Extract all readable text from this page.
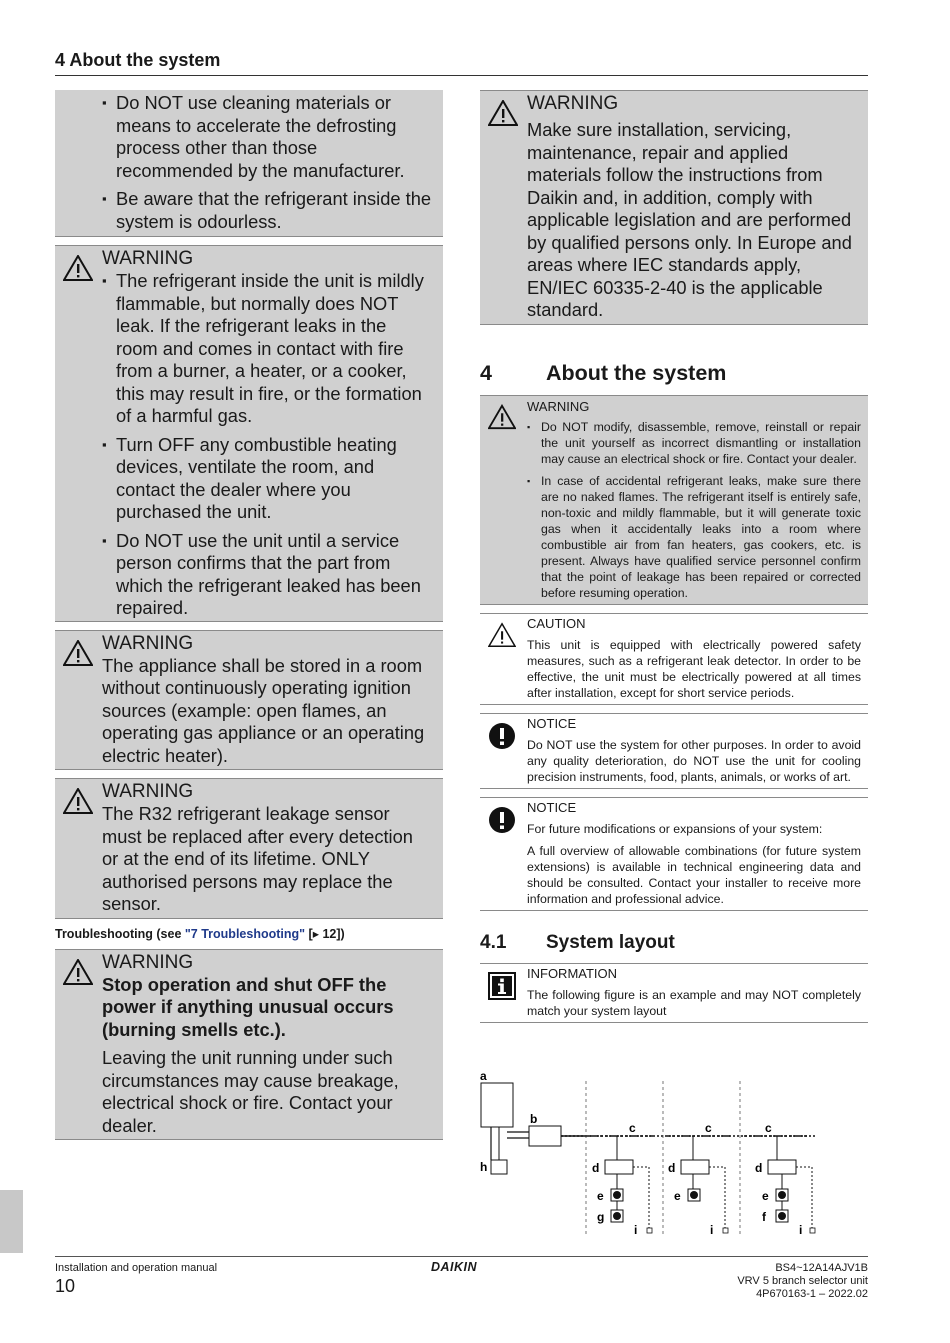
4 About the system
▪ Do NOT use cleaning materials or means to accelerate the defrosting process other than those recommended by the manufacturer.
▪ Be aware that the refrigerant inside the system is odourless.
WARNING
▪ The refrigerant inside the unit is mildly flammable, but normally does NOT leak. If the refrigerant leaks in the room and comes in contact with fire from a burner, a heater, or a cooker, this may result in fire, or the formation of a harmful gas.
▪ Turn OFF any combustible heating devices, ventilate the room, and contact the dealer where you purchased the unit.
▪ Do NOT use the unit until a service person confirms that the part from which the refrigerant leaked has been repaired.
WARNING

The appliance shall be stored in a room without continuously operating ignition sources (example: open flames, an operating gas appliance or an operating electric heater).

WARNING

The R32 refrigerant leakage sensor must be replaced after every detection or at the end of its lifetime. ONLY authorised persons may replace the sensor.

Troubleshooting (see "7 Troubleshooting" [▸ 12])
WARNING

Stop operation and shut OFF the power if anything unusual occurs (burning smells etc.).

Leaving the unit running under such circumstances may cause breakage, electrical shock or fire. Contact your dealer.

WARNING

Make sure installation, servicing, maintenance, repair and applied materials follow the instructions from Daikin and, in addition, comply with applicable legislation and are performed by qualified persons only. In Europe and areas where IEC standards apply, EN/IEC 60335-2-40 is the applicable standard.

4	About the system
WARNING
▪ Do NOT modify, disassemble, remove, reinstall or repair the unit yourself as incorrect dismantling or installation may cause an electrical shock or fire. Contact your dealer.
▪ In case of accidental refrigerant leaks, make sure there are no naked flames. The refrigerant itself is entirely safe, non-toxic and mildly flammable, but it will generate toxic gas when it accidentally leaks into a room where combustible air from fan heaters, gas cookers, etc. is present. Always have qualified service personnel confirm that the point of leakage has been repaired or corrected before resuming operation.
CAUTION

This unit is equipped with electrically powered safety measures, such as a refrigerant leak detector. In order to be effective, the unit must be electrically powered at all times after installation, except for short service periods.

NOTICE

Do NOT use the system for other purposes. In order to avoid any quality deterioration, do NOT use the unit for cooling precision instruments, food, plants, animals, or works of art.

NOTICE

For future modifications or expansions of your system:

A full overview of allowable combinations (for future system extensions) is available in technical engineering data and should be consulted. Contact your installer to receive more information and professional advice.

4.1 System layout
INFORMATION

The following figure is an example and may NOT completely match your system layout

a
h
b
c
d
e
g
i
c
d
e
i
c
d
e
f
i
Installation and operation manual
10
DAIKIN	BS4~12A14AJV1B
VRV 5 branch selector unit
4P670163-1 – 2022.02
